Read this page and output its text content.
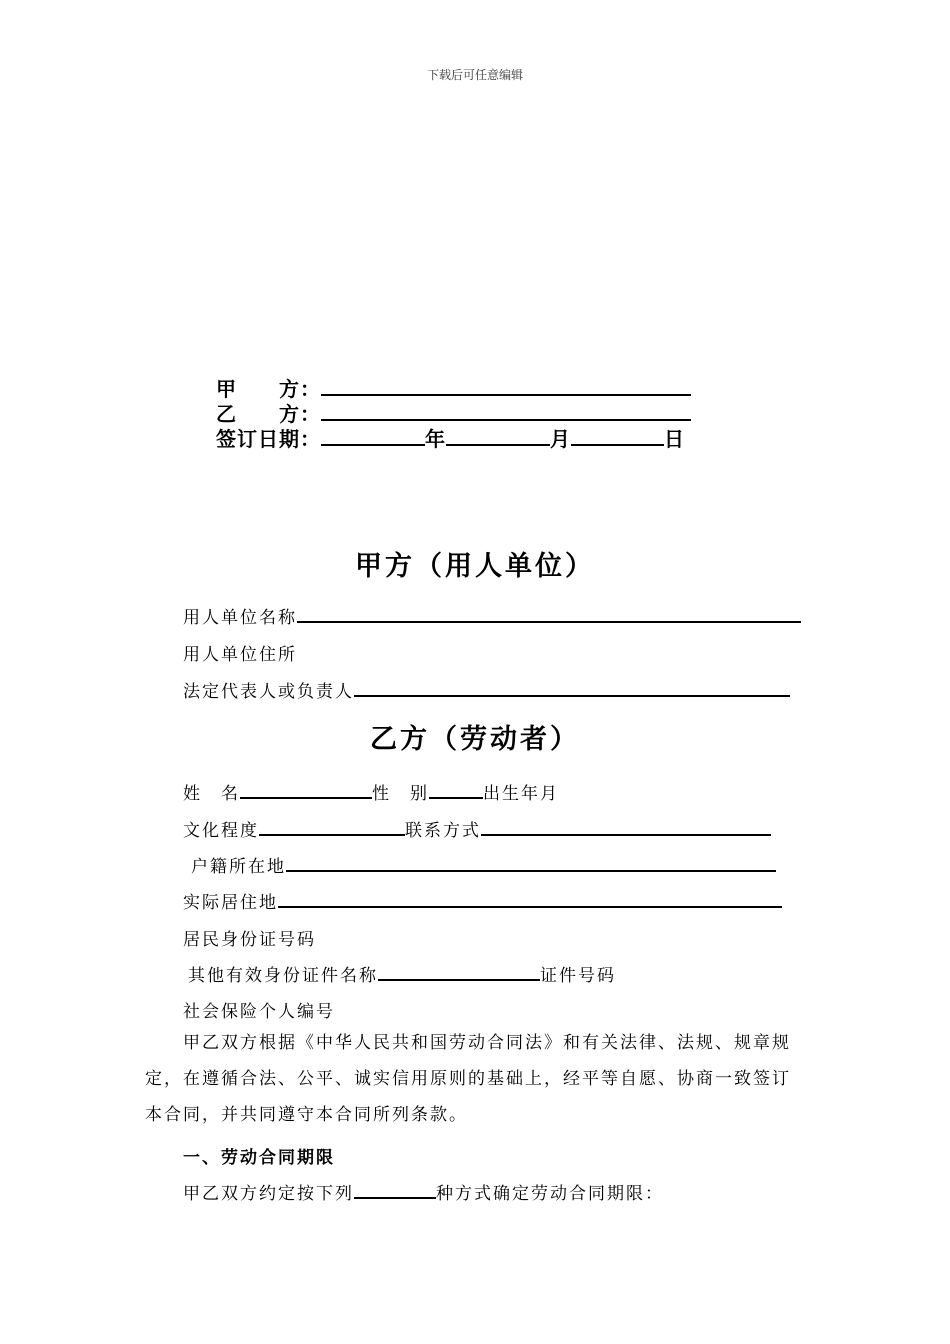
下载后可任意编辑
甲　　方：
乙　　方：
签订日期：	年	月	日
甲方（用人单位）
用人单位名称
用人单位住所
法定代表人或负责人
乙方（劳动者）
姓　名	性　别	出生年月
文化程度	联系方式
户籍所在地
实际居住地
居民身份证号码
其他有效身份证件名称	证件号码
社会保险个人编号
甲乙双方根据《中华人民共和国劳动合同法》和有关法律、法规、规章规
定，在遵循合法、公平、诚实信用原则的基础上，经平等自愿、协商一致签订
本合同，并共同遵守本合同所列条款。
一、劳动合同期限
甲乙双方约定按下列	种方式确定劳动合同期限：
